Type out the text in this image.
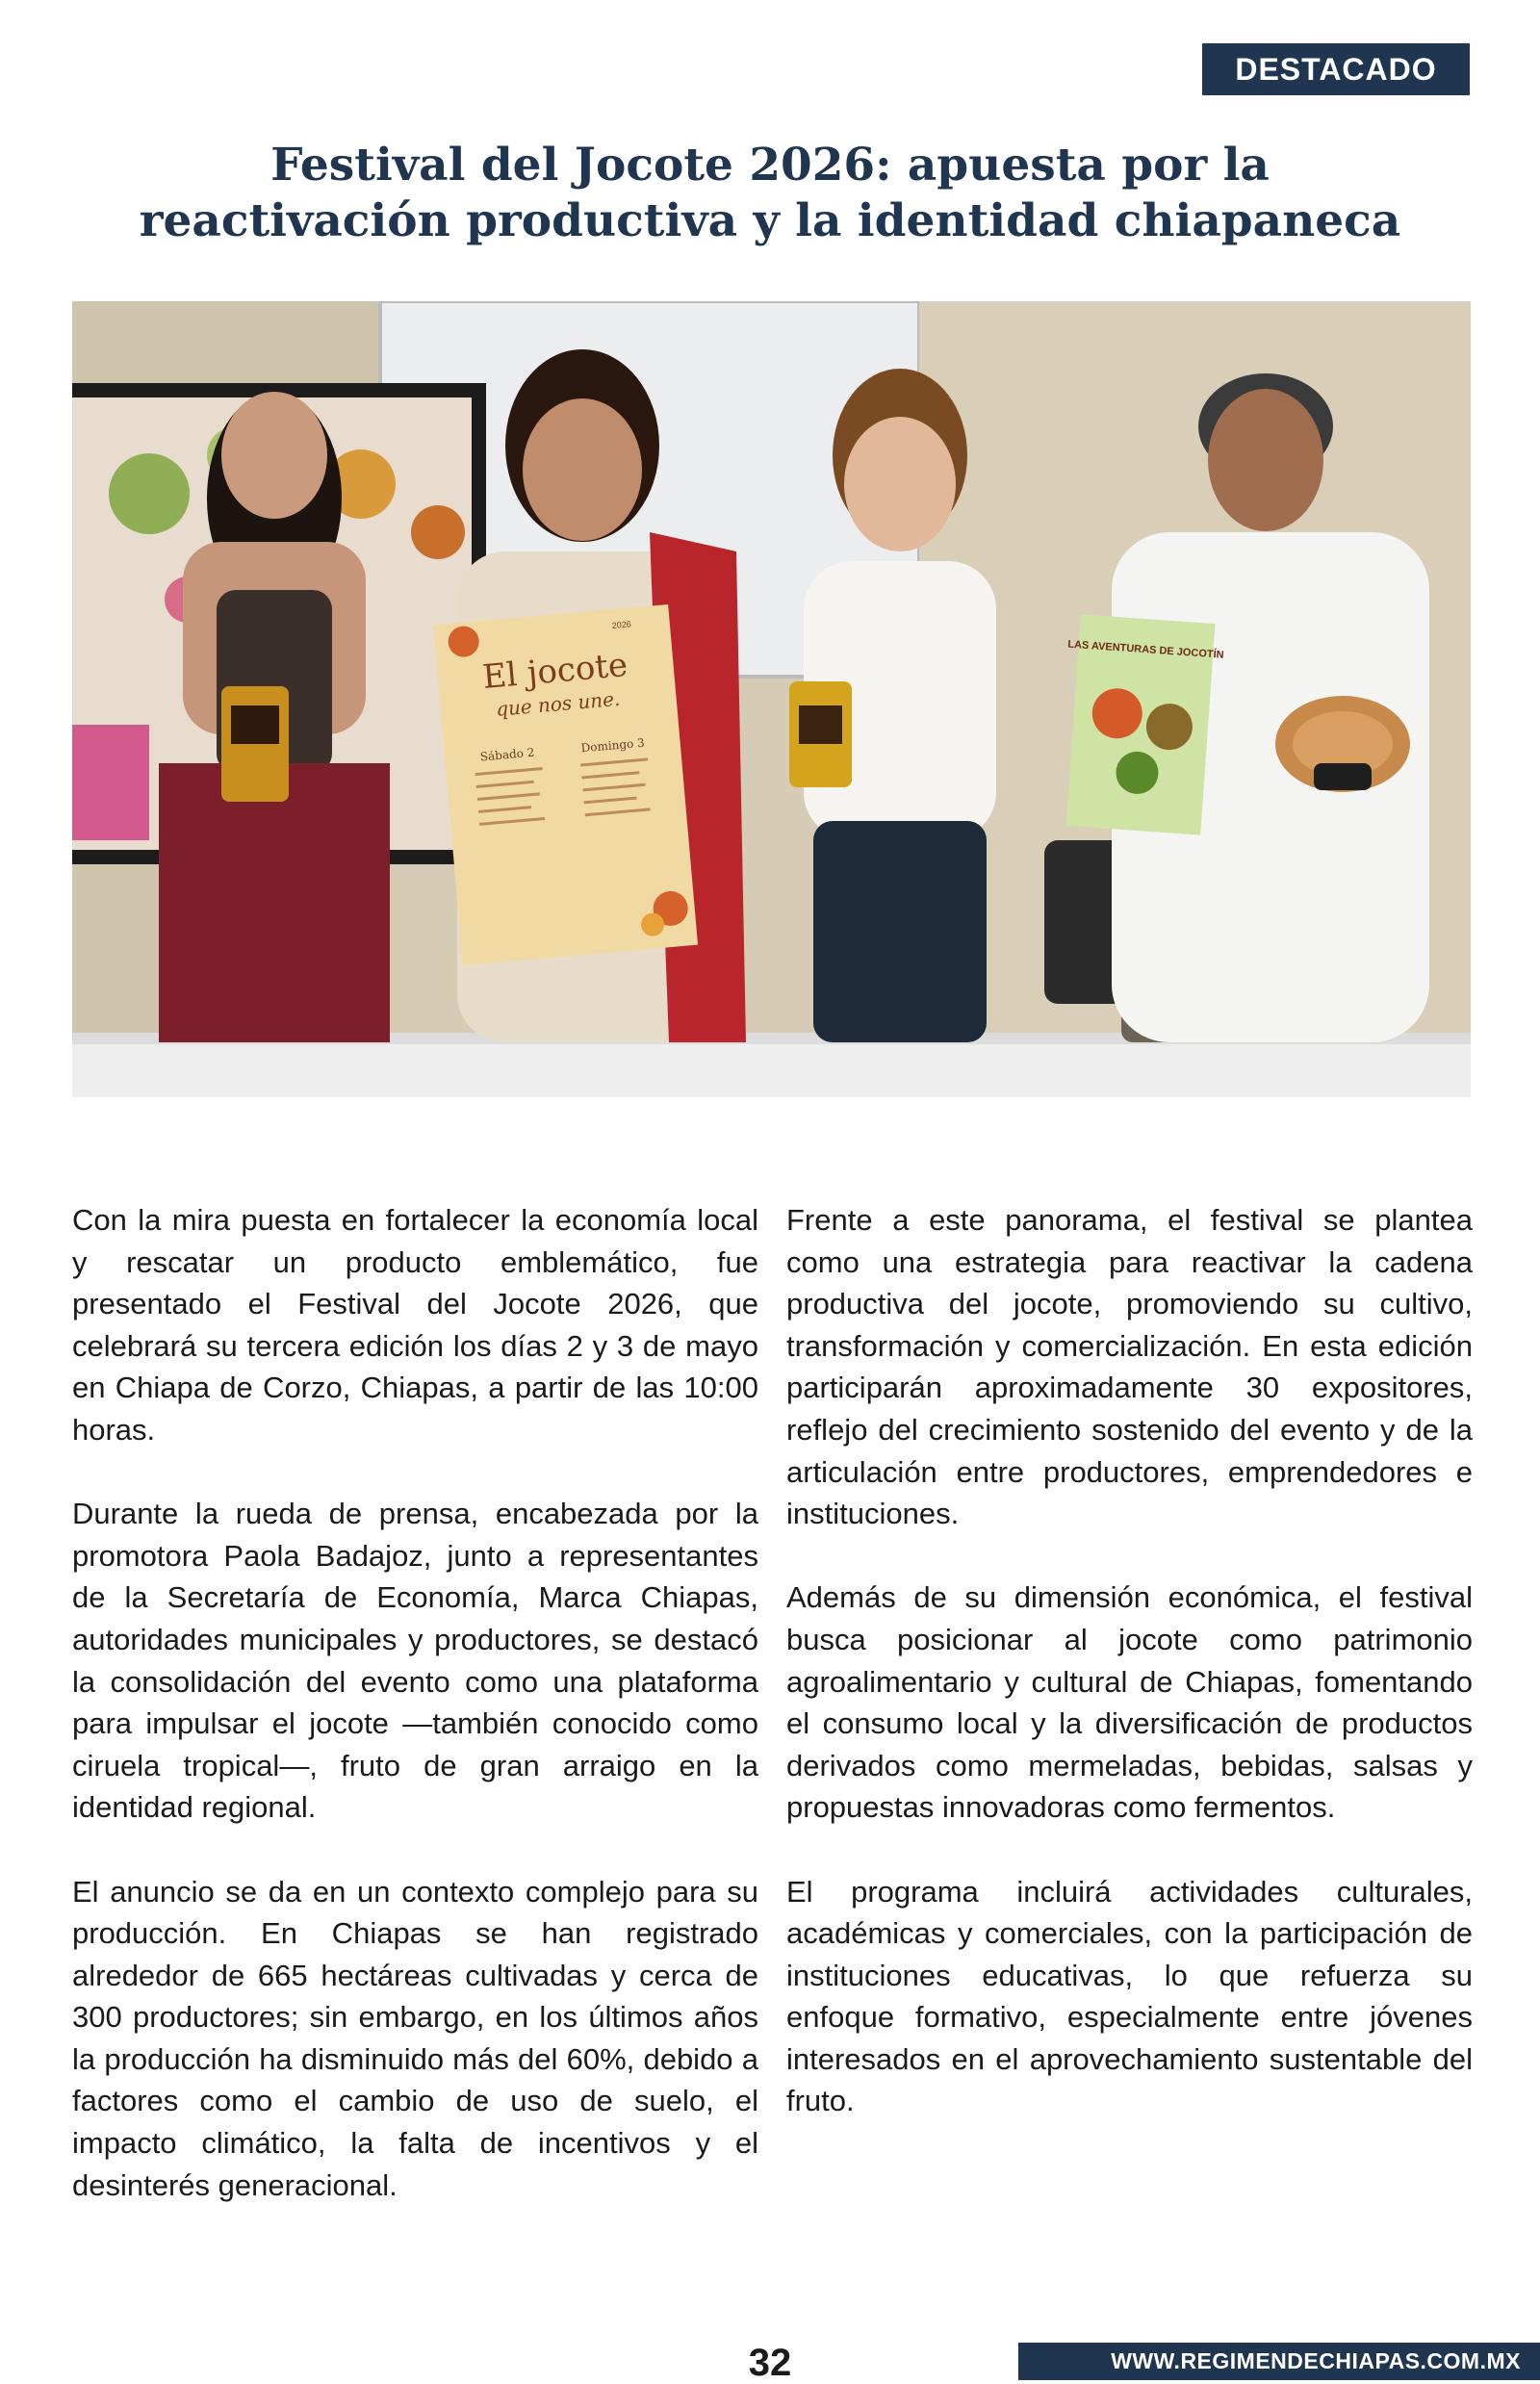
DESTACADO
Festival del Jocote 2026: apuesta por la reactivación productiva y la identidad chiapaneca
El jocote
que nos une.
2026
Sábado 2	Domingo 3
LAS AVENTURAS DE JOCOTÍN

Con la mira puesta en fortalecer la economía local y rescatar un producto emblemático, fue presentado el Festival del Jocote 2026, que celebrará su tercera edición los días 2 y 3 de mayo en Chiapa de Corzo, Chiapas, a partir de las 10:00 horas.

Durante la rueda de prensa, encabezada por la promotora Paola Badajoz, junto a representantes de la Secretaría de Economía, Marca Chiapas, autoridades municipales y productores, se destacó la consolidación del evento como una plataforma para impulsar el jocote —también conocido como ciruela tropical—, fruto de gran arraigo en la identidad regional.

El anuncio se da en un contexto complejo para su producción. En Chiapas se han registrado alrededor de 665 hectáreas cultivadas y cerca de 300 productores; sin embargo, en los últimos años la producción ha disminuido más del 60%, debido a factores como el cambio de uso de suelo, el impacto climático, la falta de incentivos y el desinterés generacional.

Frente a este panorama, el festival se plantea como una estrategia para reactivar la cadena productiva del jocote, promoviendo su cultivo, transformación y comercialización. En esta edición participarán aproximadamente 30 expositores, reflejo del crecimiento sostenido del evento y de la articulación entre productores, emprendedores e instituciones.

Además de su dimensión económica, el festival busca posicionar al jocote como patrimonio agroalimentario y cultural de Chiapas, fomentando el consumo local y la diversificación de productos derivados como mermeladas, bebidas, salsas y propuestas innovadoras como fermentos.

El programa incluirá actividades culturales, académicas y comerciales, con la participación de instituciones educativas, lo que refuerza su enfoque formativo, especialmente entre jóvenes interesados en el aprovechamiento sustentable del fruto.

32	WWW.REGIMENDECHIAPAS.COM.MX
